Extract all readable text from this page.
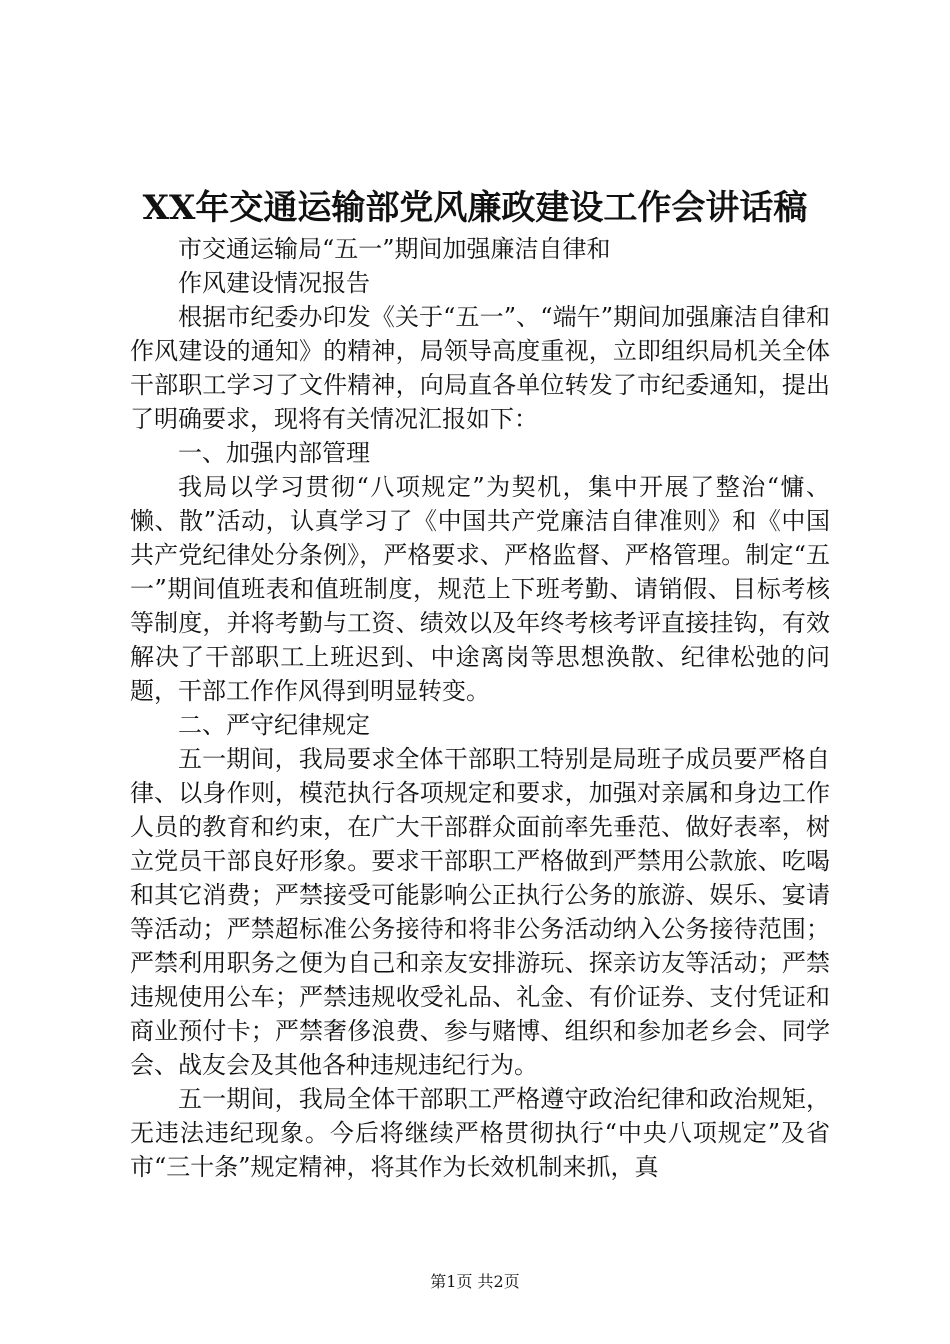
XX年交通运输部党风廉政建设工作会讲话稿

市交通运输局“五一”期间加强廉洁自律和

作风建设情况报告

根据市纪委办印发《关于“五一”、“端午”期间加强廉洁自律和作风建设的通知》的精神，局领导高度重视，立即组织局机关全体干部职工学习了文件精神，向局直各单位转发了市纪委通知，提出了明确要求，现将有关情况汇报如下：

一、加强内部管理

我局以学习贯彻“八项规定”为契机，集中开展了整治“慵、懒、散”活动，认真学习了《中国共产党廉洁自律准则》和《中国共产党纪律处分条例》，严格要求、严格监督、严格管理。制定“五一”期间值班表和值班制度，规范上下班考勤、请销假、目标考核等制度，并将考勤与工资、绩效以及年终考核考评直接挂钩，有效解决了干部职工上班迟到、中途离岗等思想涣散、纪律松弛的问题，干部工作作风得到明显转变。

二、严守纪律规定

五一期间，我局要求全体干部职工特别是局班子成员要严格自律、以身作则，模范执行各项规定和要求，加强对亲属和身边工作人员的教育和约束，在广大干部群众面前率先垂范、做好表率，树立党员干部良好形象。要求干部职工严格做到严禁用公款旅、吃喝和其它消费；严禁接受可能影响公正执行公务的旅游、娱乐、宴请等活动；严禁超标准公务接待和将非公务活动纳入公务接待范围；严禁利用职务之便为自己和亲友安排游玩、探亲访友等活动；严禁违规使用公车；严禁违规收受礼品、礼金、有价证券、支付凭证和商业预付卡；严禁奢侈浪费、参与赌博、组织和参加老乡会、同学会、战友会及其他各种违规违纪行为。

五一期间，我局全体干部职工严格遵守政治纪律和政治规矩，无违法违纪现象。今后将继续严格贯彻执行“中央八项规定”及省市“三十条”规定精神，将其作为长效机制来抓，真

第1页 共2页
